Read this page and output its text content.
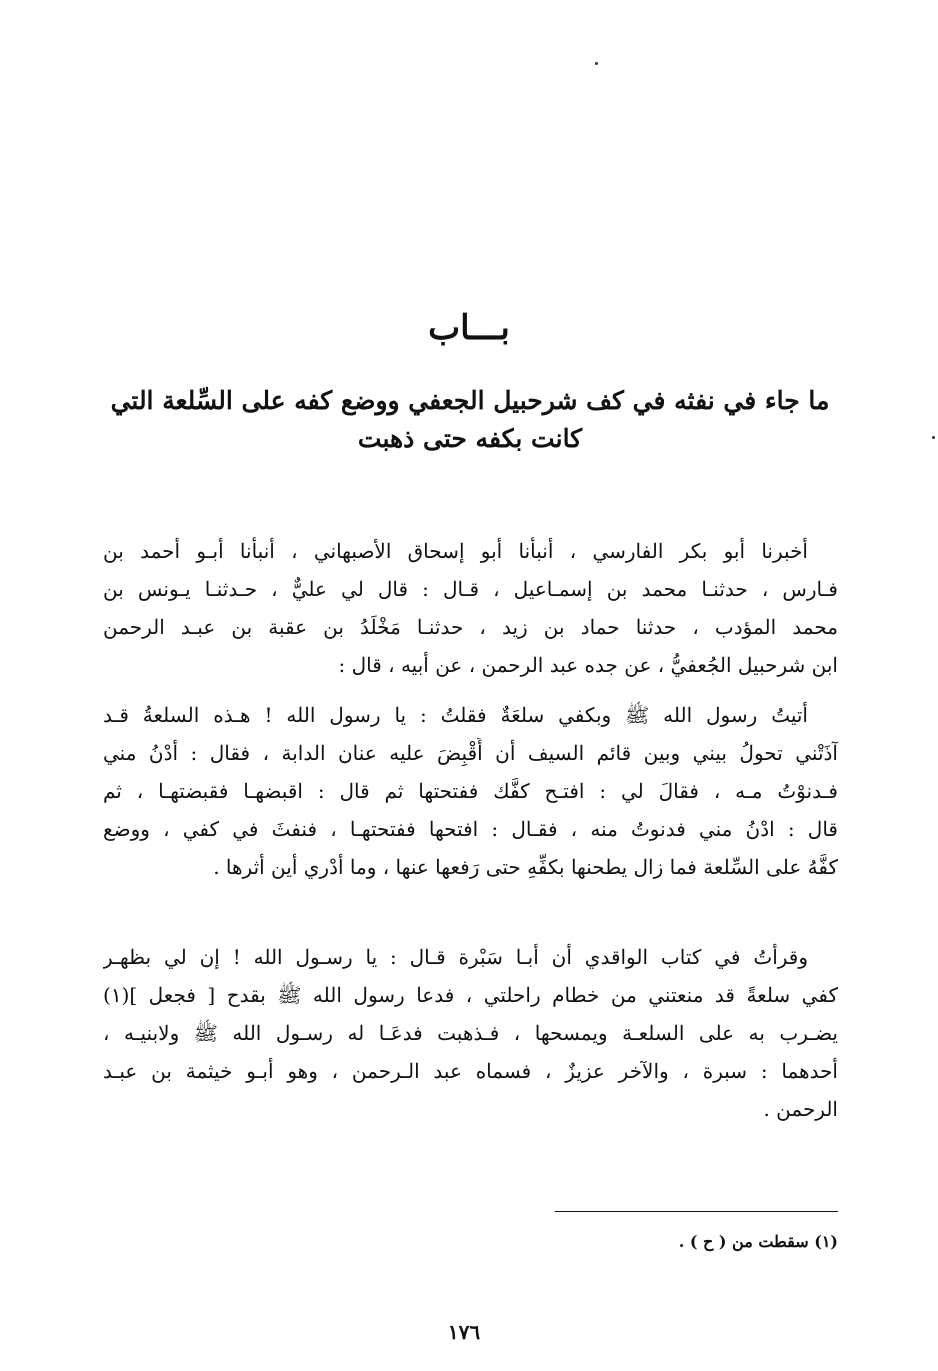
بـــاب
ما جاء في نفثه في كف شرحبيل الجعفي ووضع كفه على السِّلعة التي
كانت بكفه حتى ذهبت
أخبرنا أبو بكر الفارسي ، أنبأنا أبو إسحاق الأصبهاني ، أنبأنا أبـو أحمد بن
فـارس ، حدثنـا محمد بن إسمـاعيل ، قـال : قال لي عليٌّ ، حـدثنـا يـونس بن
محمد المؤدب ، حدثنا حماد بن زيد ، حدثنـا مَخْلَدُ بن عقبة بن عبـد الرحمن
ابن شرحبيل الجُعفيُّ ، عن جده عبد الرحمن ، عن أبيه ، قال :
أتيتُ رسول الله ﷺ وبكفي سلعَةٌ فقلتُ : يا رسول الله ! هـذه السلعةُ قـد
آذَتْني تحولُ بيني وبين قائم السيف أن أَقْبِضَ عليه عنان الدابة ، فقال : أدْنُ مني
فـدنوْتُ مـه ، فقالَ لي : افتـح كفَّك ففتحتها ثم قال : اقبضهـا فقبضتهـا ، ثم
قال : ادْنُ مني فدنوتُ منه ، فقـال : افتحها ففتحتهـا ، فنفثَ في كفي ، ووضع
كفَّهُ على السِّلعة فما زال يطحنها بكفِّهِ حتى رَفعها عنها ، وما أدْري أين أثرها .
وقرأتُ في كتاب الواقدي أن أبـا سَبْرة قـال : يا رسـول الله ! إن لي بظهـر
كفي سلعةً قد منعتني من خطام راحلتي ، فدعا رسول الله ﷺ بقدح [ فجعل ](١)
يضـرب به على السلعـة ويمسحها ، فـذهبت فدعَـا له رسـول الله ﷺ ولابنيـه ،
أحدهما : سبرة ، والآخر عزيزٌ ، فسماه عبد الـرحمن ، وهو أبـو خيثمة بن عبـد
الرحمن .
(١) سقطت من ( ح ) .
١٧٦
